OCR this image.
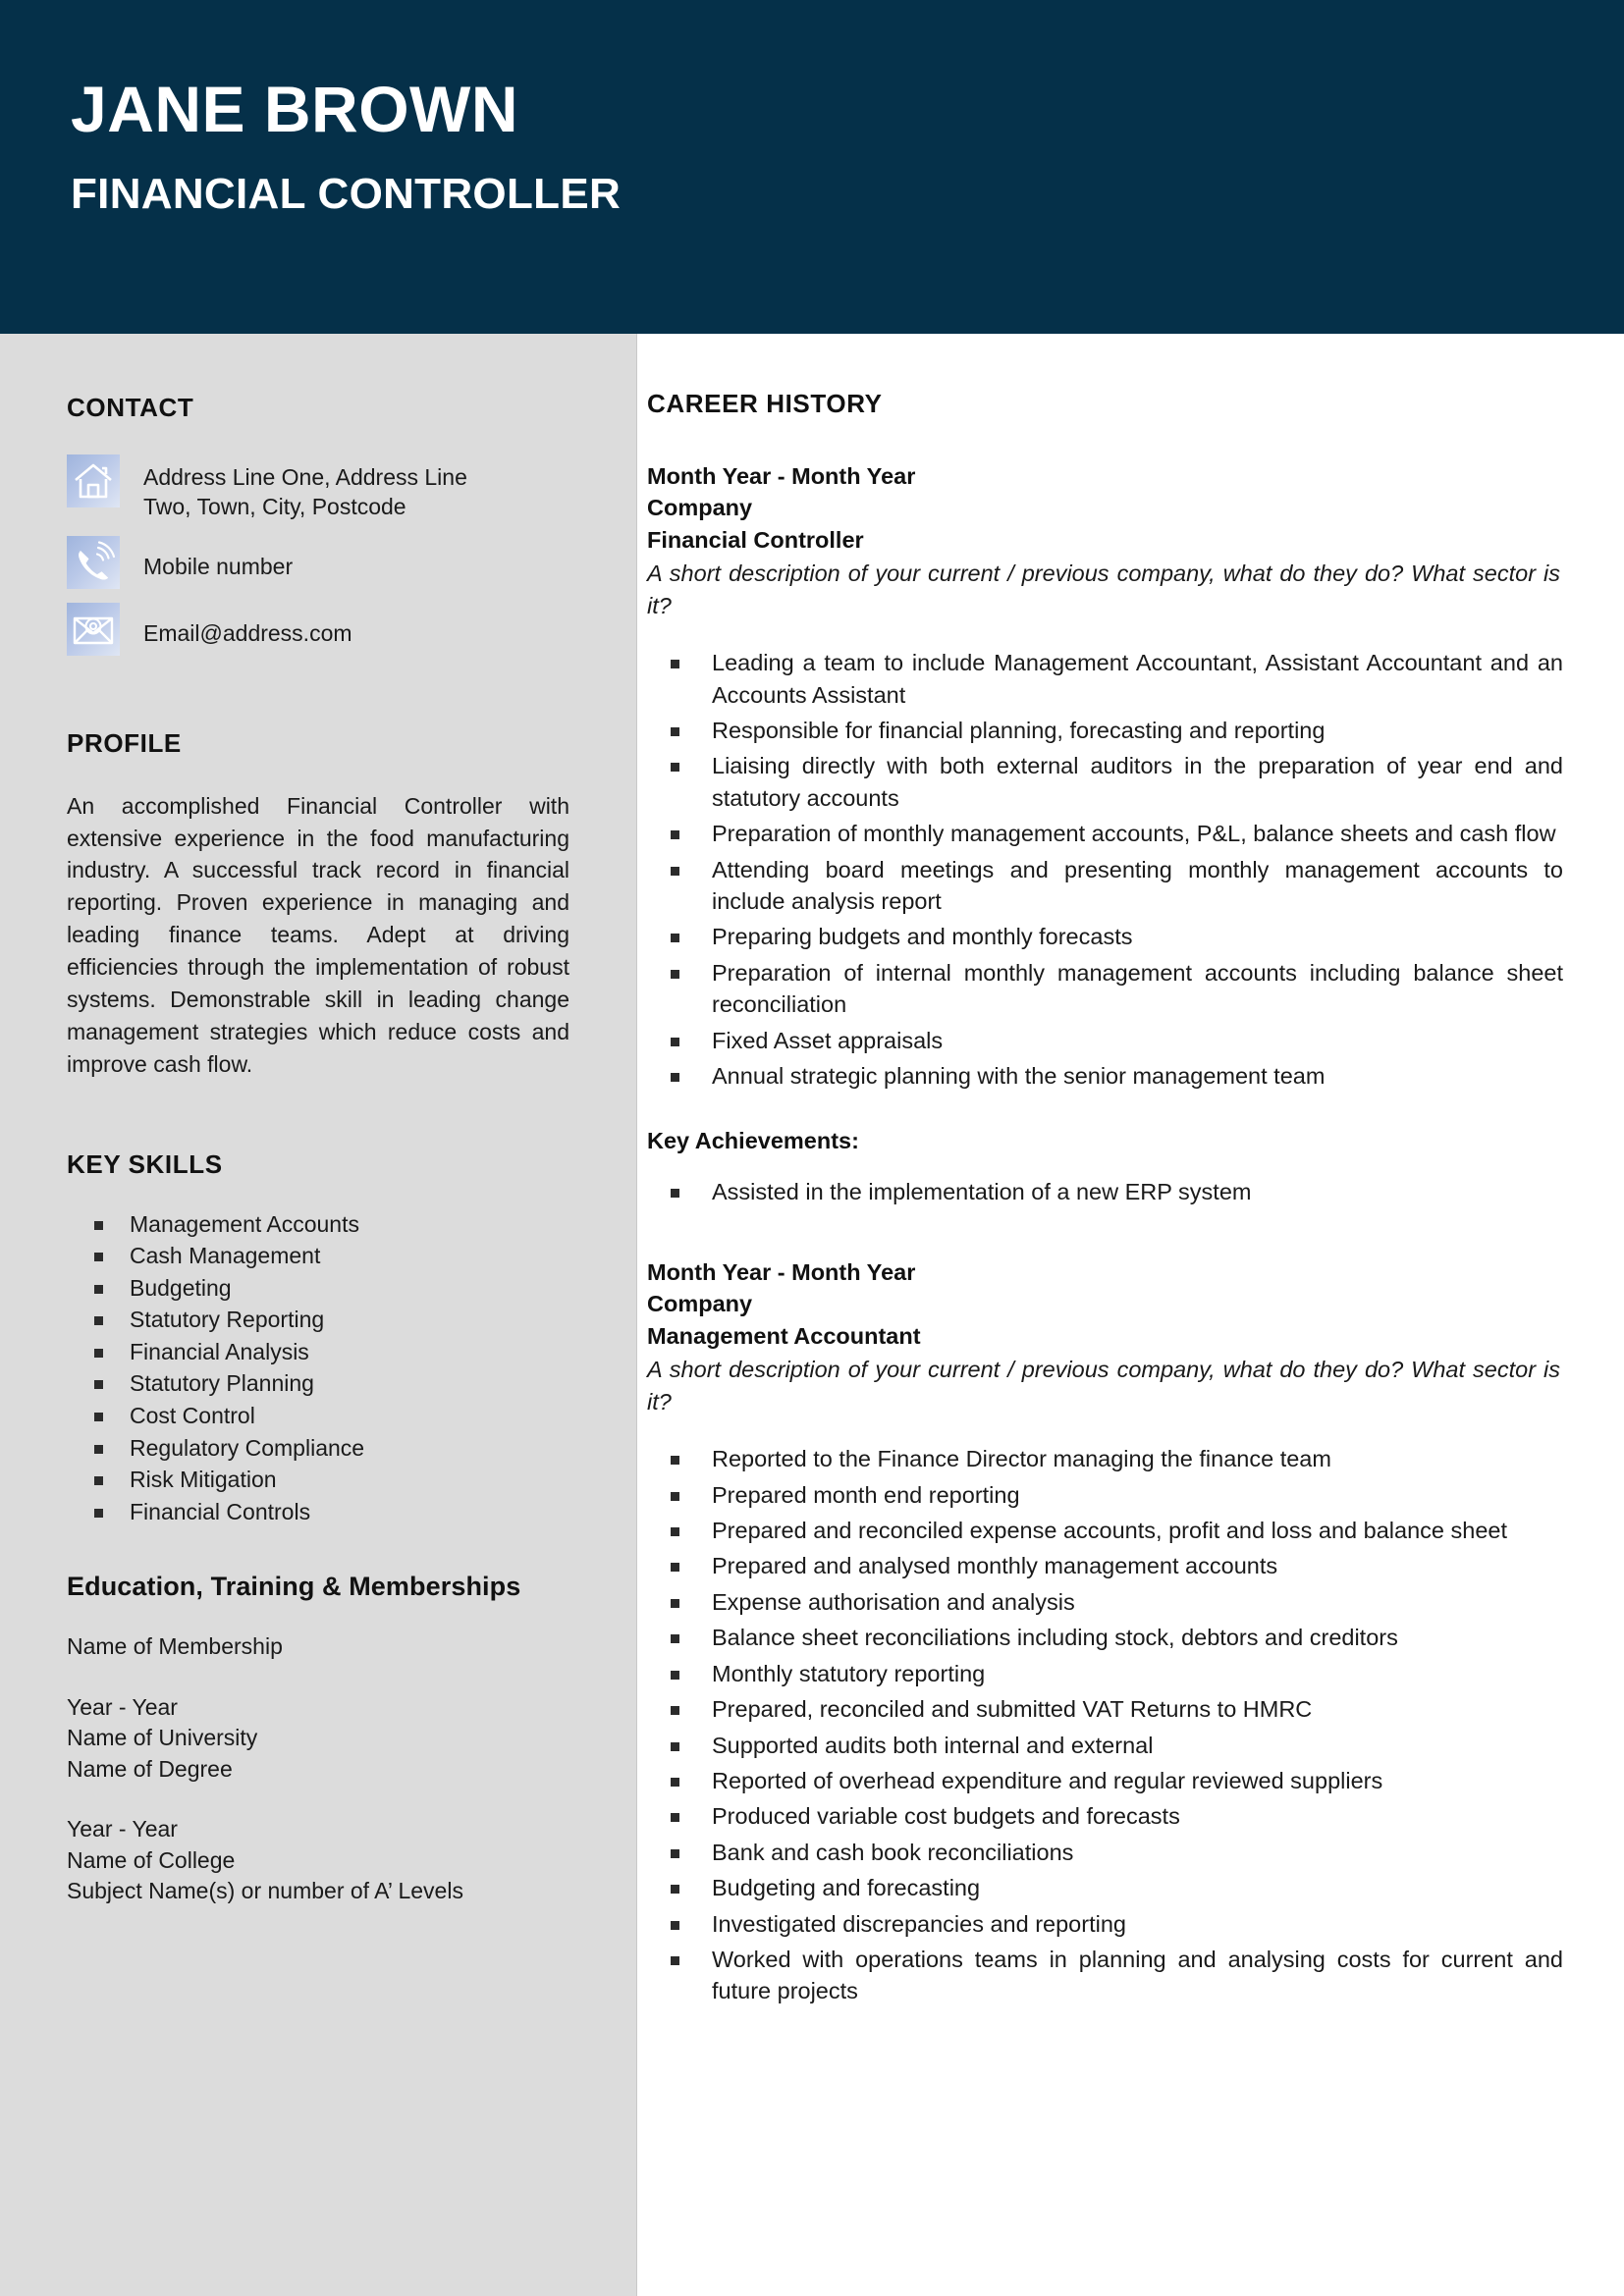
JANE BROWN
FINANCIAL CONTROLLER
CONTACT
Address Line One, Address Line Two, Town, City, Postcode
Mobile number
Email@address.com
PROFILE
An accomplished Financial Controller with extensive experience in the food manufacturing industry. A successful track record in financial reporting. Proven experience in managing and leading finance teams. Adept at driving efficiencies through the implementation of robust systems. Demonstrable skill in leading change management strategies which reduce costs and improve cash flow.
KEY SKILLS
Management Accounts
Cash Management
Budgeting
Statutory Reporting
Financial Analysis
Statutory Planning
Cost Control
Regulatory Compliance
Risk Mitigation
Financial Controls
Education, Training & Memberships
Name of Membership
Year - Year
Name of University
Name of Degree
Year - Year
Name of College
Subject Name(s) or number of A’ Levels
CAREER HISTORY
Month Year - Month Year
Company
Financial Controller
A short description of your current / previous company, what do they do? What sector is it?
Leading a team to include Management Accountant, Assistant Accountant and an Accounts Assistant
Responsible for financial planning, forecasting and reporting
Liaising directly with both external auditors in the preparation of year end and statutory accounts
Preparation of monthly management accounts, P&L, balance sheets and cash flow
Attending board meetings and presenting monthly management accounts to include analysis report
Preparing budgets and monthly forecasts
Preparation of internal monthly management accounts including balance sheet reconciliation
Fixed Asset appraisals
Annual strategic planning with the senior management team
Key Achievements:
Assisted in the implementation of a new ERP system
Month Year - Month Year
Company
Management Accountant
A short description of your current / previous company, what do they do? What sector is it?
Reported to the Finance Director managing the finance team
Prepared month end reporting
Prepared and reconciled expense accounts, profit and loss and balance sheet
Prepared and analysed monthly management accounts
Expense authorisation and analysis
Balance sheet reconciliations including stock, debtors and creditors
Monthly statutory reporting
Prepared, reconciled and submitted VAT Returns to HMRC
Supported audits both internal and external
Reported of overhead expenditure and regular reviewed suppliers
Produced variable cost budgets and forecasts
Bank and cash book reconciliations
Budgeting and forecasting
Investigated discrepancies and reporting
Worked with operations teams in planning and analysing costs for current and future projects
